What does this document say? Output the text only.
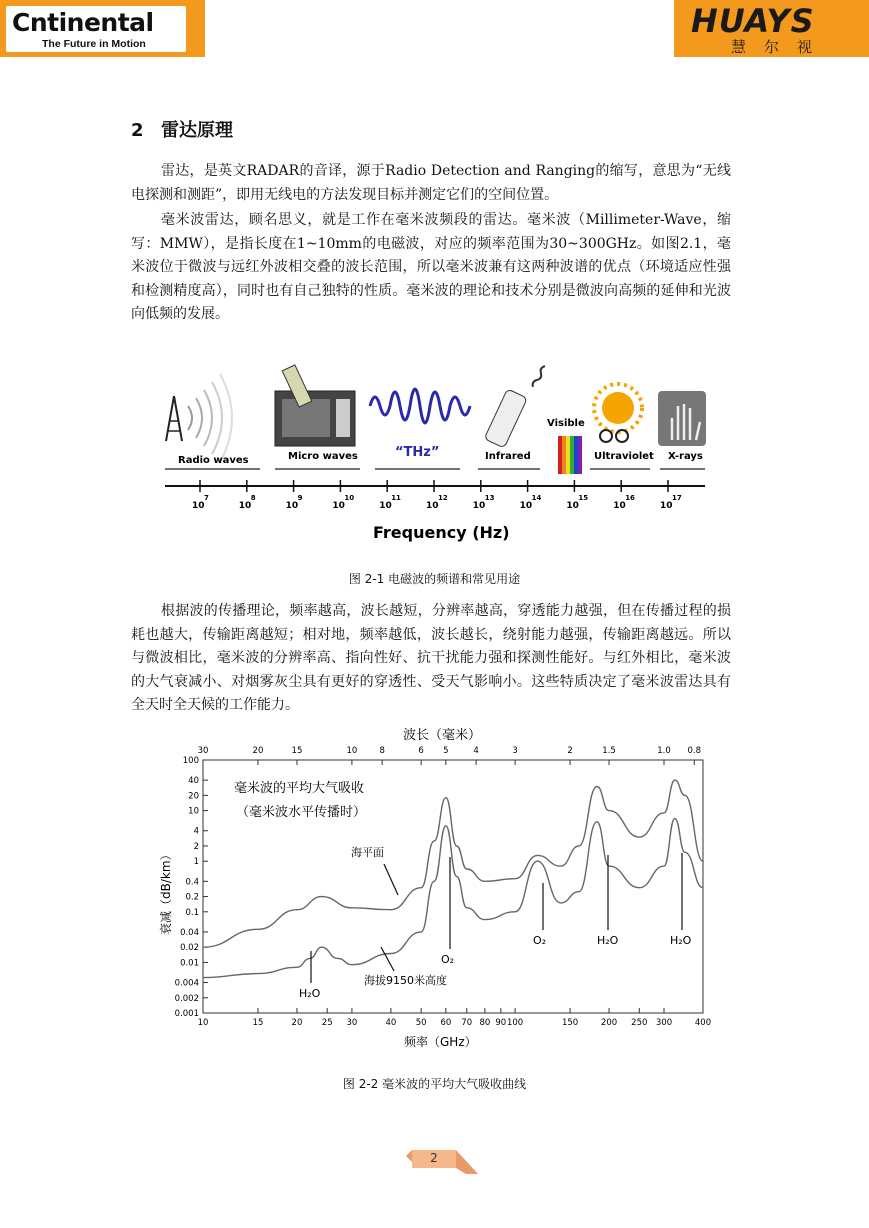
Cntinental
The Future in Motion
HUAYS
慧尔视
2 雷达原理
雷达，是英文RADAR的音译，源于Radio Detection and Ranging的缩写，意思为“无线电探测和测距”，即用无线电的方法发现目标并测定它们的空间位置。
毫米波雷达，顾名思义，就是工作在毫米波频段的雷达。毫米波（Millimeter-Wave，缩写：MMW），是指长度在1~10mm的电磁波，对应的频率范围为30~300GHz。如图2.1，毫米波位于微波与远红外波相交叠的波长范围，所以毫米波兼有这两种波谱的优点（环境适应性强和检测精度高），同时也有自己独特的性质。毫米波的理论和技术分别是微波向高频的延伸和光波向低频的发展。
Radio waves	Micro waves	“THz”	Infrared
Visible
Ultraviolet X-rays
10
7
10
8
10
9
10
10
10
11
10
12
10
13
10
14
10
15
10
16
10
17
Frequency (Hz)
图 2-1 电磁波的频谱和常见用途
根据波的传播理论，频率越高，波长越短，分辨率越高，穿透能力越强，但在传播过程的损耗也越大，传输距离越短；相对地，频率越低，波长越长，绕射能力越强，传输距离越远。所以与微波相比，毫米波的分辨率高、指向性好、抗干扰能力强和探测性能好。与红外相比，毫米波的大气衰减小、对烟雾灰尘具有更好的穿透性、受天气影响小。这些特质决定了毫米波雷达具有全天时全天候的工作能力。
波长（毫米）
30	20	15	10	8	6 5	4	3	2	1.5	1.0 0.8
100
40
20
10
4
2
1
0.4
0.2
0.1
0.04
0.02
0.01
0.004
0.002
0.001
10	15	20 25 30	40 50 60 70 80 90 100	150	200 250 300	400
衰减（dB/km）
频率（GHz）
毫米波的平均大气吸收
（毫米波水平传播时）
海平面
海拔9150米高度
H₂O
O₂
O₂	H₂O	H₂O
图 2-2 毫米波的平均大气吸收曲线
2
